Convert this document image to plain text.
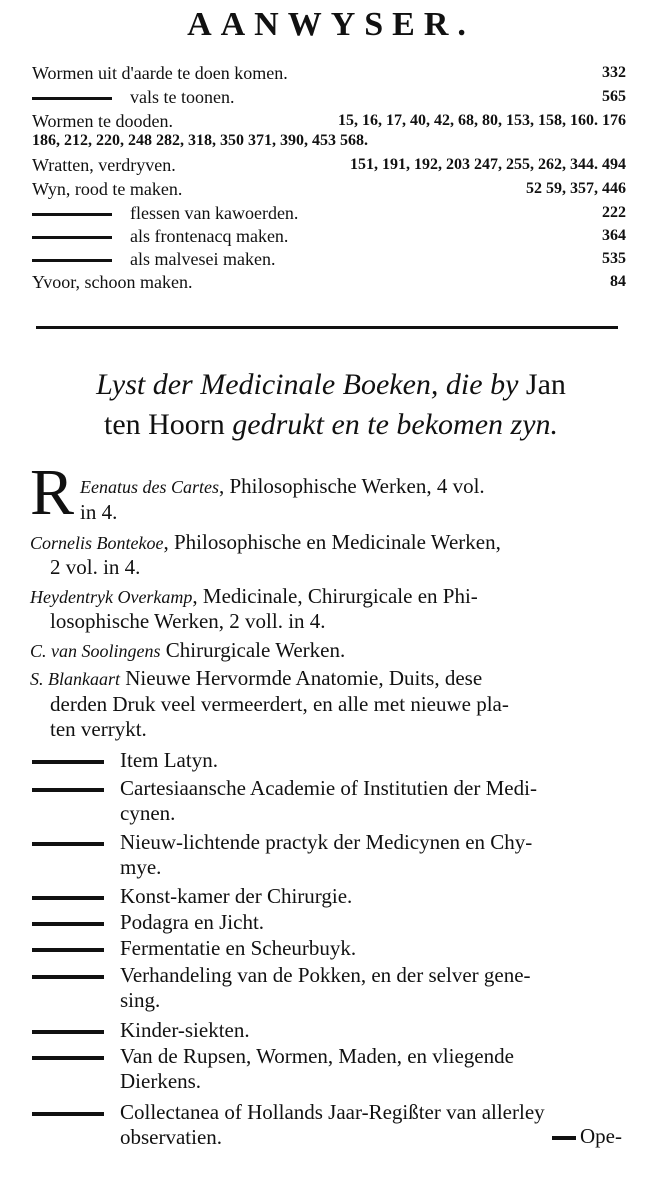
AANWYSER.
Wormen uit d'aarde te doen komen.	332
vals te toonen.	565
Wormen te dooden.	15, 16, 17, 40, 42, 68, 80, 153, 158, 160. 176
186, 212, 220, 248 282, 318, 350 371, 390, 453 568.
Wratten, verdryven.	151, 191, 192, 203 247, 255, 262, 344. 494
Wyn, rood te maken.	52 59, 357, 446
flessen van kawoerden.	222
als frontenacq maken.	364
als malvesei maken.	535
Yvoor, schoon maken.	84
Lyst der Medicinale Boeken, die by Jan
ten Hoorn gedrukt en te bekomen zyn.
R Eenatus des Cartes, Philosophische Werken, 4 vol.
in 4.
Cornelis Bontekoe, Philosophische en Medicinale Werken,
2 vol. in 4.
Heydentryk Overkamp, Medicinale, Chirurgicale en Phi-
losophische Werken, 2 voll. in 4.
C. van Soolingens Chirurgicale Werken.
S. Blankaart Nieuwe Hervormde Anatomie, Duits, dese
derden Druk veel vermeerdert, en alle met nieuwe pla-
ten verrykt.
Item Latyn.
Cartesiaansche Academie of Institutien der Medi-
cynen.
Nieuw-lichtende practyk der Medicynen en Chy-
mye.
Konst-kamer der Chirurgie.
Podagra en Jicht.
Fermentatie en Scheurbuyk.
Verhandeling van de Pokken, en der selver gene-
sing.
Kinder-siekten.
Van de Rupsen, Wormen, Maden, en vliegende
Dierkens.
Collectanea of Hollands Jaar-Regißter van allerley
observatien.	Ope-
